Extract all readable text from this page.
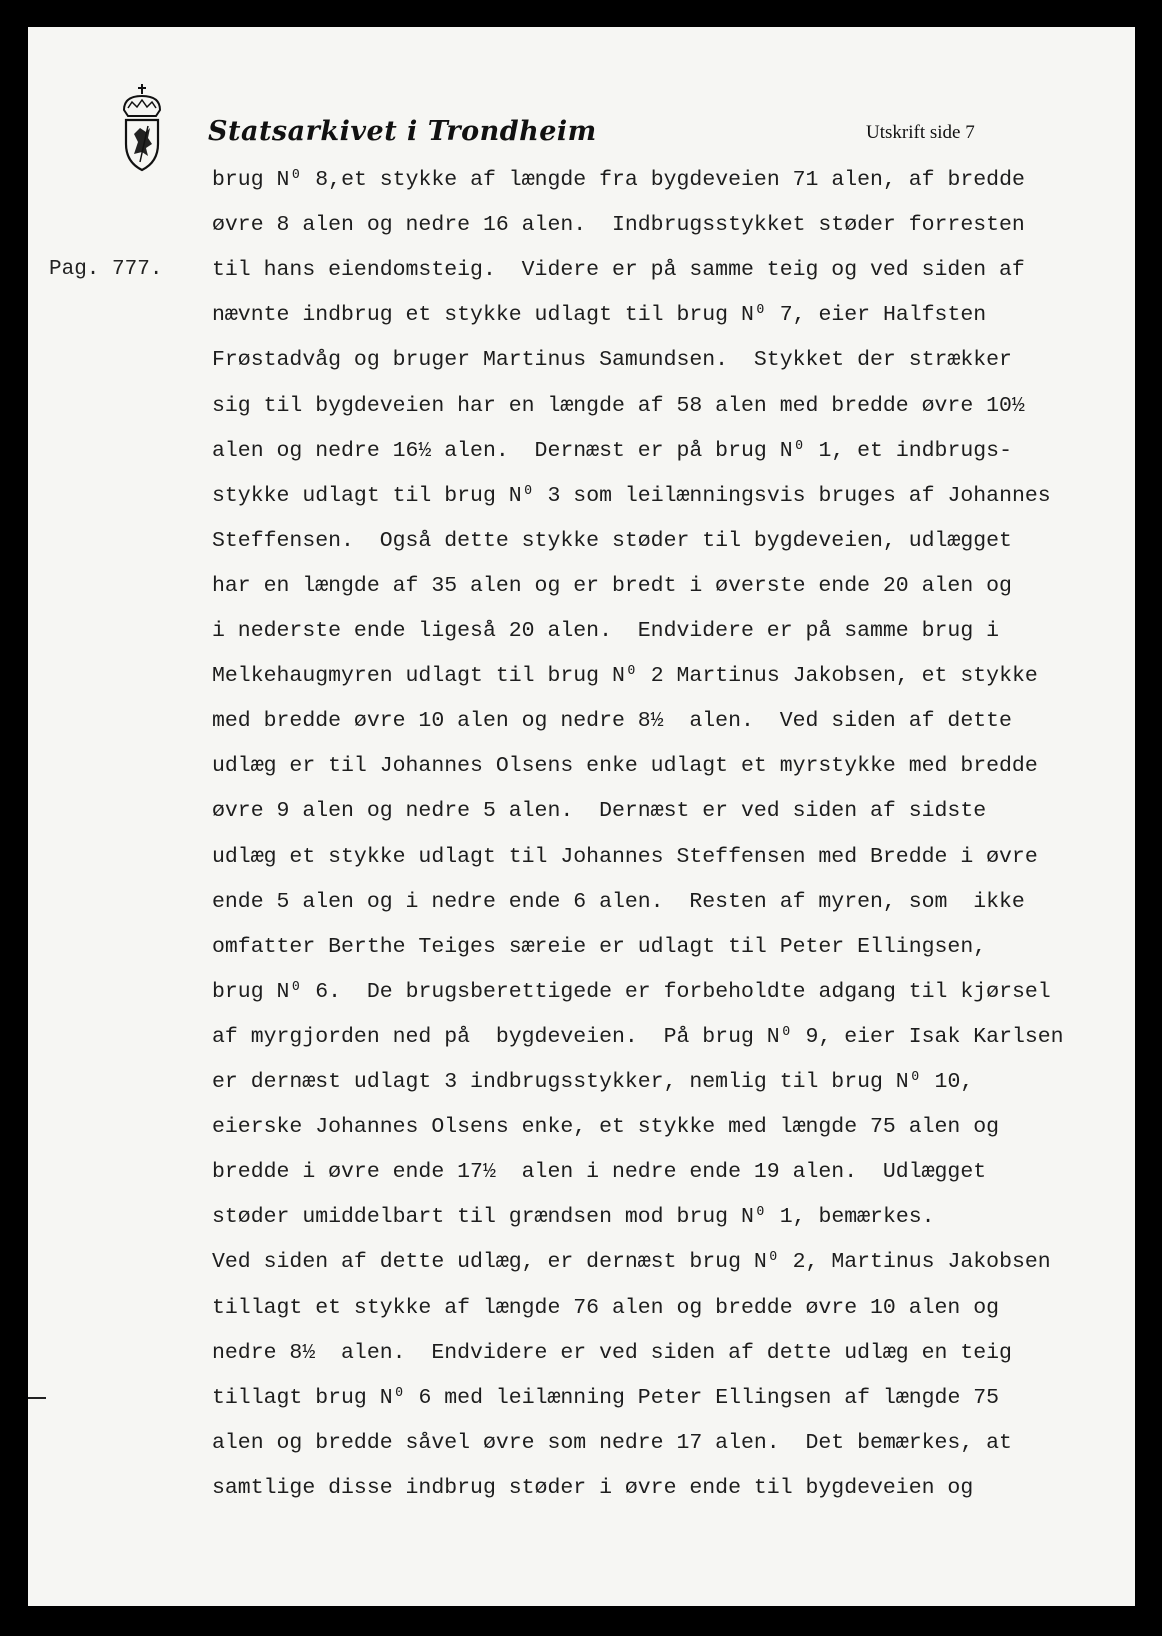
Statsarkivet i Trondheim	Utskrift side 7
Pag. 777.
brug N⁰ 8,et stykke af længde fra bygdeveien 71 alen, af bredde
øvre 8 alen og nedre 16 alen.  Indbrugsstykket støder forresten
til hans eiendomsteig.  Videre er på samme teig og ved siden af
nævnte indbrug et stykke udlagt til brug N⁰ 7, eier Halfsten
Frøstadvåg og bruger Martinus Samundsen.  Stykket der strækker
sig til bygdeveien har en længde af 58 alen med bredde øvre 10½
alen og nedre 16½ alen.  Dernæst er på brug N⁰ 1, et indbrugs-
stykke udlagt til brug N⁰ 3 som leilænningsvis bruges af Johannes
Steffensen.  Også dette stykke støder til bygdeveien, udlægget
har en længde af 35 alen og er bredt i øverste ende 20 alen og
i nederste ende ligeså 20 alen.  Endvidere er på samme brug i
Melkehaugmyren udlagt til brug N⁰ 2 Martinus Jakobsen, et stykke
med bredde øvre 10 alen og nedre 8½  alen.  Ved siden af dette
udlæg er til Johannes Olsens enke udlagt et myrstykke med bredde
øvre 9 alen og nedre 5 alen.  Dernæst er ved siden af sidste
udlæg et stykke udlagt til Johannes Steffensen med Bredde i øvre
ende 5 alen og i nedre ende 6 alen.  Resten af myren, som  ikke
omfatter Berthe Teiges særeie er udlagt til Peter Ellingsen,
brug N⁰ 6.  De brugsberettigede er forbeholdte adgang til kjørsel
af myrgjorden ned på  bygdeveien.  På brug N⁰ 9, eier Isak Karlsen
er dernæst udlagt 3 indbrugsstykker, nemlig til brug N⁰ 10,
eierske Johannes Olsens enke, et stykke med længde 75 alen og
bredde i øvre ende 17½  alen i nedre ende 19 alen.  Udlægget
støder umiddelbart til grændsen mod brug N⁰ 1, bemærkes.
Ved siden af dette udlæg, er dernæst brug N⁰ 2, Martinus Jakobsen
tillagt et stykke af længde 76 alen og bredde øvre 10 alen og
nedre 8½  alen.  Endvidere er ved siden af dette udlæg en teig
tillagt brug N⁰ 6 med leilænning Peter Ellingsen af længde 75
alen og bredde såvel øvre som nedre 17 alen.  Det bemærkes, at
samtlige disse indbrug støder i øvre ende til bygdeveien og
